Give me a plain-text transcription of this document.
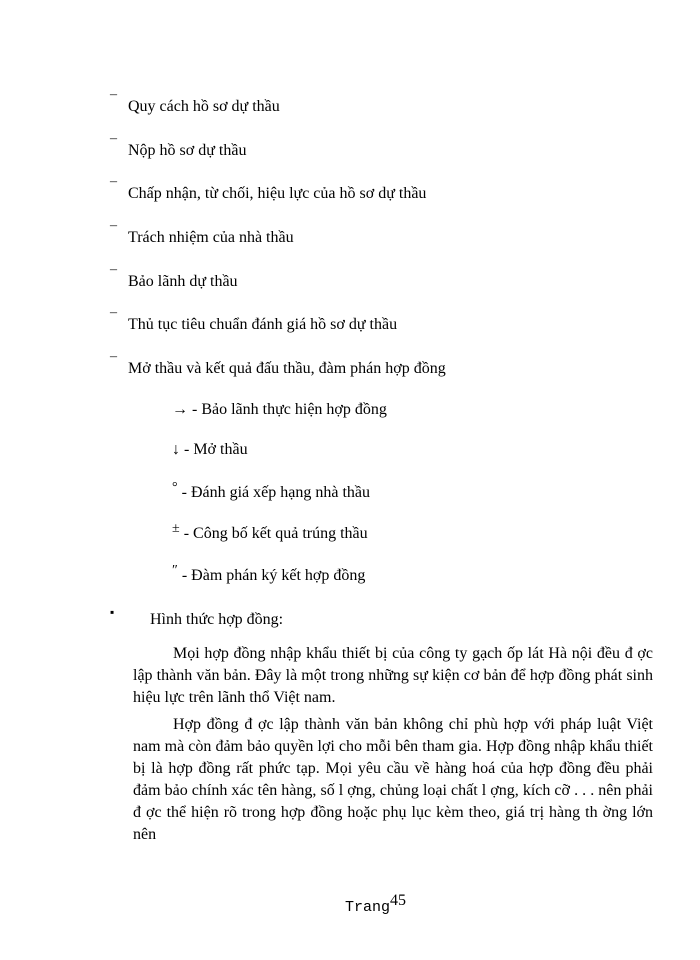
¯ Quy cách hồ sơ dự thầu
¯ Nộp hồ sơ dự thầu
¯ Chấp nhận, từ chối, hiệu lực của hồ sơ dự thầu
¯ Trách nhiệm của nhà thầu
¯ Bảo lãnh dự thầu
¯ Thủ tục tiêu chuẩn đánh giá hồ sơ dự thầu
¯ Mở thầu và kết quả đấu thầu, đàm phán hợp đồng
→ - Bảo lãnh thực hiện hợp đồng
↓ - Mở thầu
° - Đánh giá xếp hạng nhà thầu
± - Công bố kết quả trúng thầu
″ - Đàm phán ký kết hợp đồng
▪ Hình thức hợp đồng:
Mọi hợp đồng nhập khẩu thiết bị của công ty gạch ốp lát Hà nội đều đ ợc lập thành văn bản. Đây là một trong những sự kiện cơ bản để hợp đồng phát sinh hiệu lực trên lãnh thổ Việt nam.
Hợp đồng đ ợc lập thành văn bản không chỉ phù hợp với pháp luật Việt nam mà còn đảm bảo quyền lợi cho mỗi bên tham gia. Hợp đồng nhập khẩu thiết bị là hợp đồng rất phức tạp. Mọi yêu cầu về hàng hoá của hợp đồng đều phải đảm bảo chính xác tên hàng, số l ợng, chủng loại chất l ợng, kích cỡ . . . nên phải đ ợc thể hiện rõ trong hợp đồng hoặc phụ lục kèm theo, giá trị hàng th ờng lớn nên
Trang45
